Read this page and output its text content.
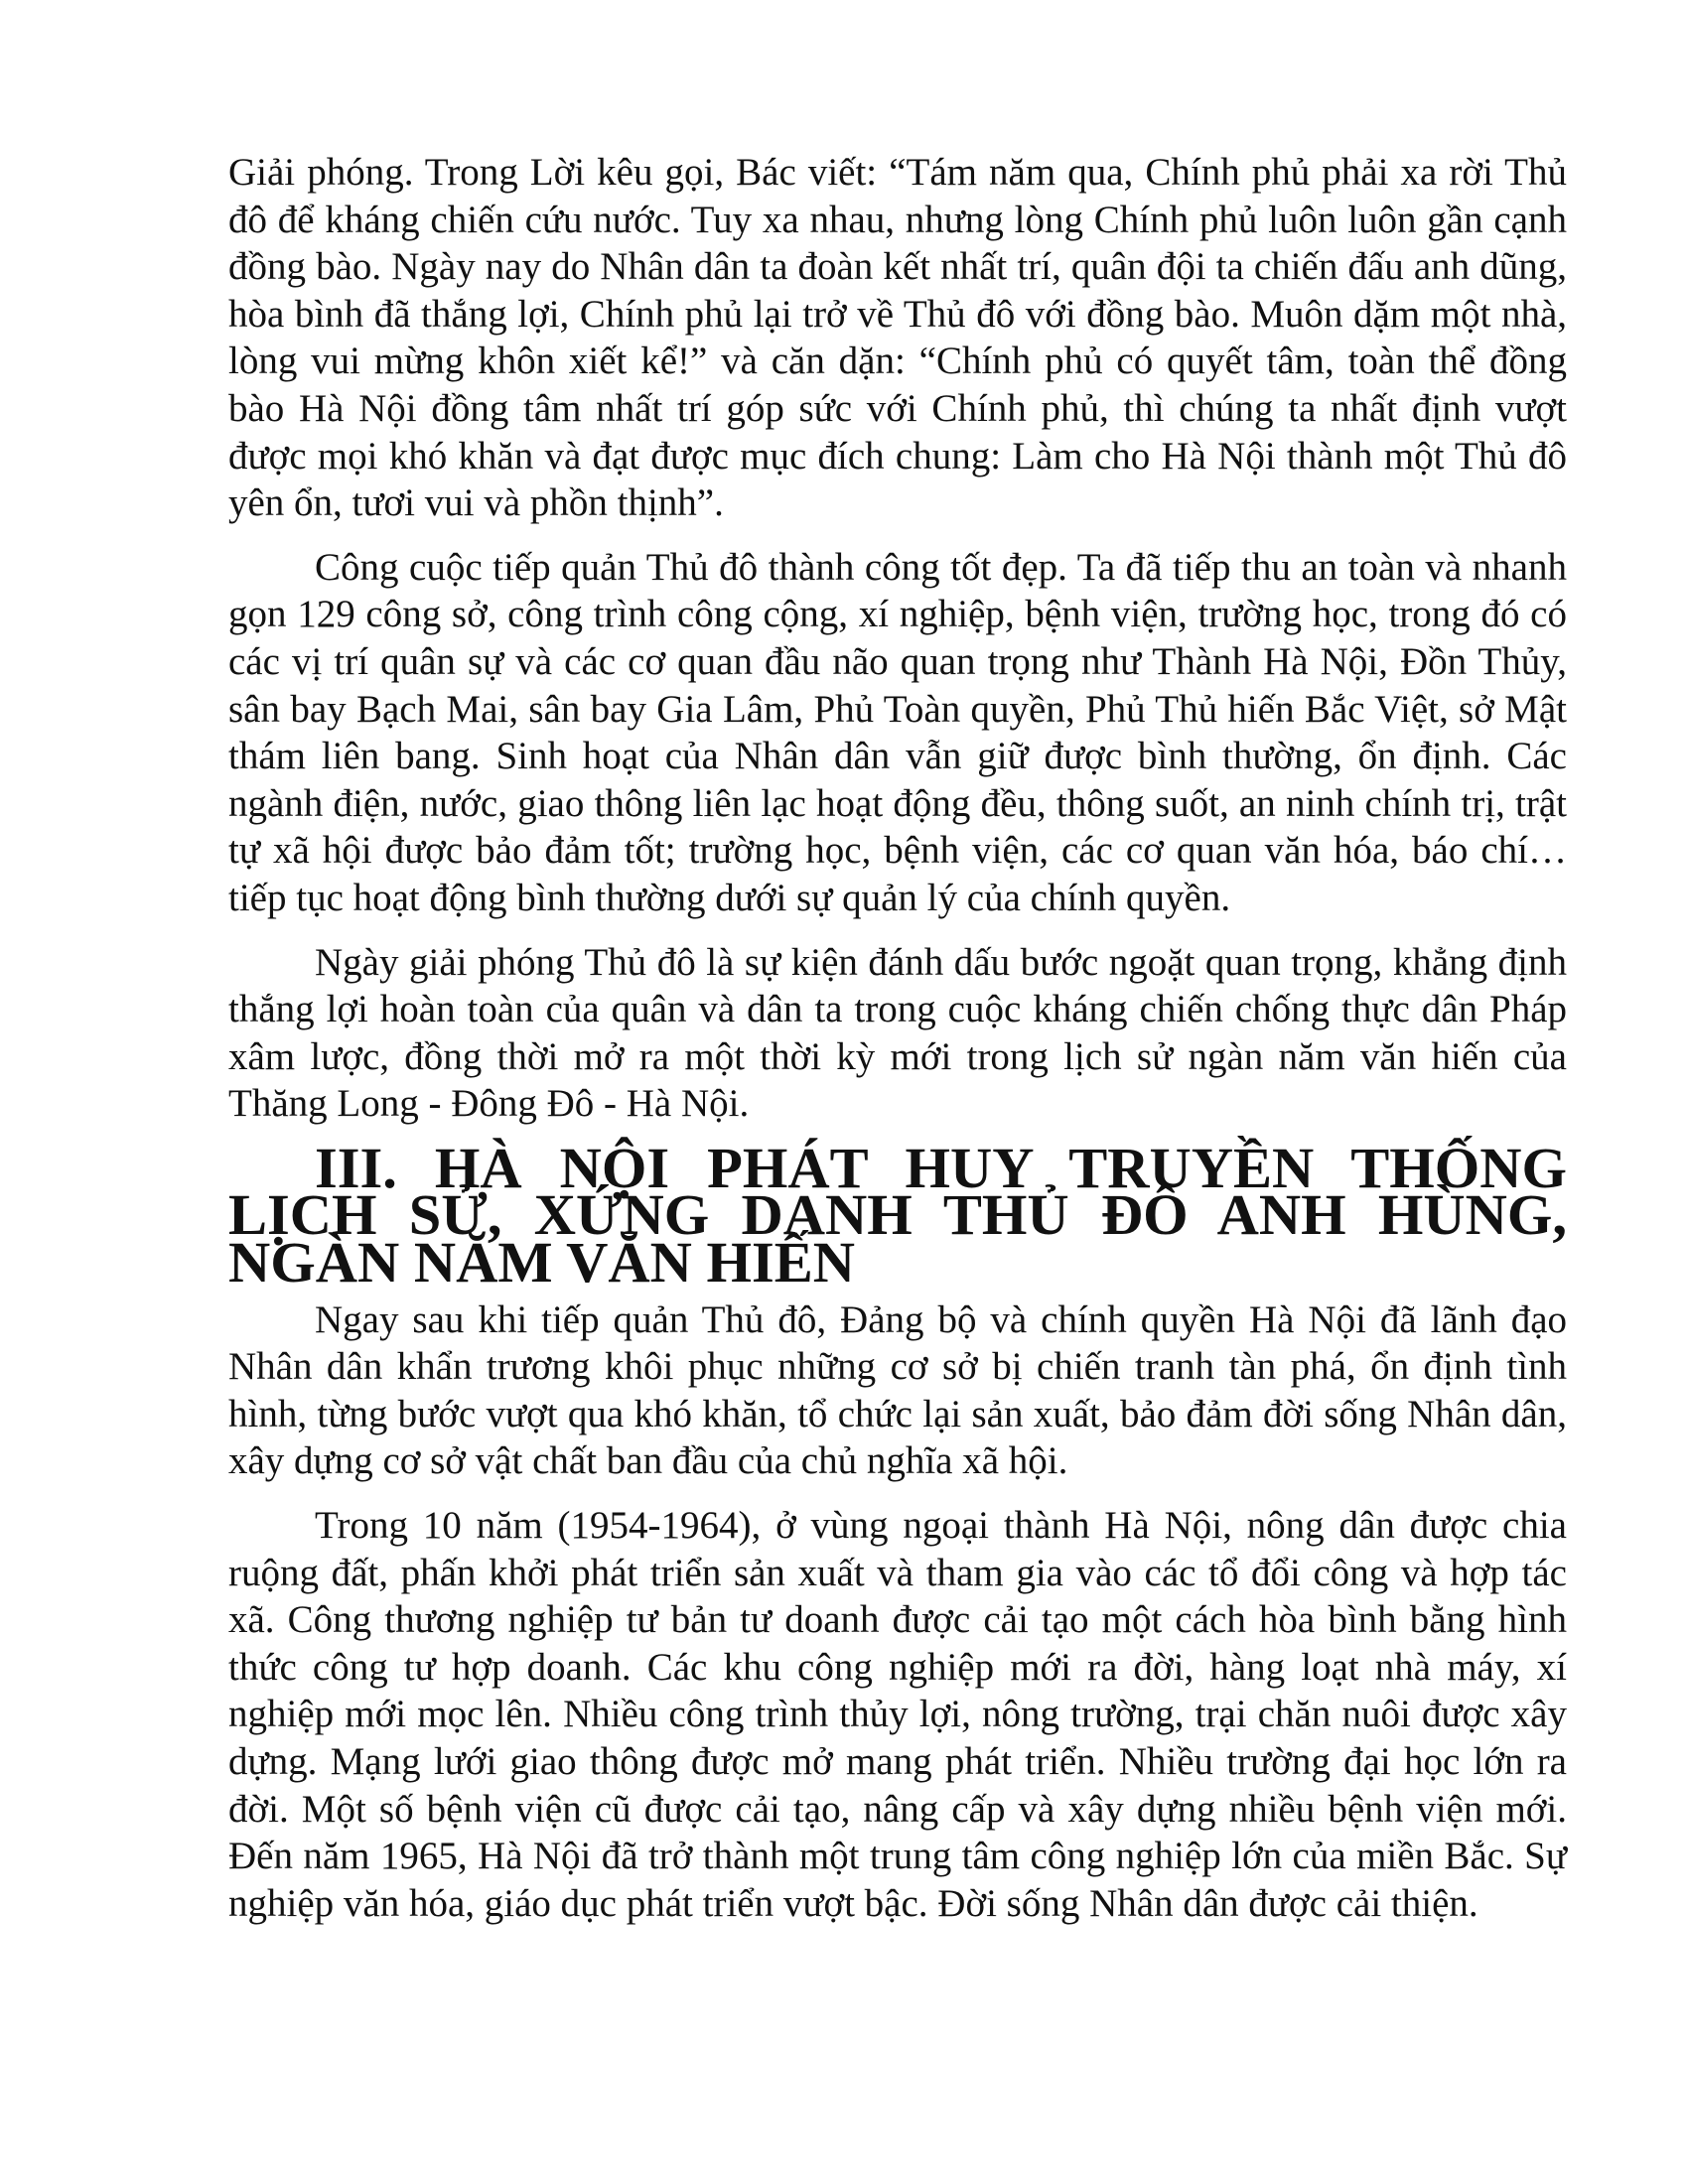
Giải phóng. Trong Lời kêu gọi, Bác viết: “Tám năm qua, Chính phủ phải xa rời Thủ đô để kháng chiến cứu nước. Tuy xa nhau, nhưng lòng Chính phủ luôn luôn gần cạnh đồng bào. Ngày nay do Nhân dân ta đoàn kết nhất trí, quân đội ta chiến đấu anh dũng, hòa bình đã thắng lợi, Chính phủ lại trở về Thủ đô với đồng bào. Muôn dặm một nhà, lòng vui mừng khôn xiết kể!” và căn dặn: “Chính phủ có quyết tâm, toàn thể đồng bào Hà Nội đồng tâm nhất trí góp sức với Chính phủ, thì chúng ta nhất định vượt được mọi khó khăn và đạt được mục đích chung: Làm cho Hà Nội thành một Thủ đô yên ổn, tươi vui và phồn thịnh”.

Công cuộc tiếp quản Thủ đô thành công tốt đẹp. Ta đã tiếp thu an toàn và nhanh gọn 129 công sở, công trình công cộng, xí nghiệp, bệnh viện, trường học, trong đó có các vị trí quân sự và các cơ quan đầu não quan trọng như Thành Hà Nội, Đồn Thủy, sân bay Bạch Mai, sân bay Gia Lâm, Phủ Toàn quyền, Phủ Thủ hiến Bắc Việt, sở Mật thám liên bang. Sinh hoạt của Nhân dân vẫn giữ được bình thường, ổn định. Các ngành điện, nước, giao thông liên lạc hoạt động đều, thông suốt, an ninh chính trị, trật tự xã hội được bảo đảm tốt; trường học, bệnh viện, các cơ quan văn hóa, báo chí… tiếp tục hoạt động bình thường dưới sự quản lý của chính quyền.

Ngày giải phóng Thủ đô là sự kiện đánh dấu bước ngoặt quan trọng, khẳng định thắng lợi hoàn toàn của quân và dân ta trong cuộc kháng chiến chống thực dân Pháp xâm lược, đồng thời mở ra một thời kỳ mới trong lịch sử ngàn năm văn hiến của Thăng Long - Đông Đô - Hà Nội.

III. HÀ NỘI PHÁT HUY TRUYỀN THỐNG LỊCH SỬ, XỨNG DANH THỦ ĐÔ ANH HÙNG, NGÀN NĂM VĂN HIẾN

Ngay sau khi tiếp quản Thủ đô, Đảng bộ và chính quyền Hà Nội đã lãnh đạo Nhân dân khẩn trương khôi phục những cơ sở bị chiến tranh tàn phá, ổn định tình hình, từng bước vượt qua khó khăn, tổ chức lại sản xuất, bảo đảm đời sống Nhân dân, xây dựng cơ sở vật chất ban đầu của chủ nghĩa xã hội.

Trong 10 năm (1954-1964), ở vùng ngoại thành Hà Nội, nông dân được chia ruộng đất, phấn khởi phát triển sản xuất và tham gia vào các tổ đổi công và hợp tác xã. Công thương nghiệp tư bản tư doanh được cải tạo một cách hòa bình bằng hình thức công tư hợp doanh. Các khu công nghiệp mới ra đời, hàng loạt nhà máy, xí nghiệp mới mọc lên. Nhiều công trình thủy lợi, nông trường, trại chăn nuôi được xây dựng. Mạng lưới giao thông được mở mang phát triển. Nhiều trường đại học lớn ra đời. Một số bệnh viện cũ được cải tạo, nâng cấp và xây dựng nhiều bệnh viện mới. Đến năm 1965, Hà Nội đã trở thành một trung tâm công nghiệp lớn của miền Bắc. Sự nghiệp văn hóa, giáo dục phát triển vượt bậc. Đời sống Nhân dân được cải thiện.
